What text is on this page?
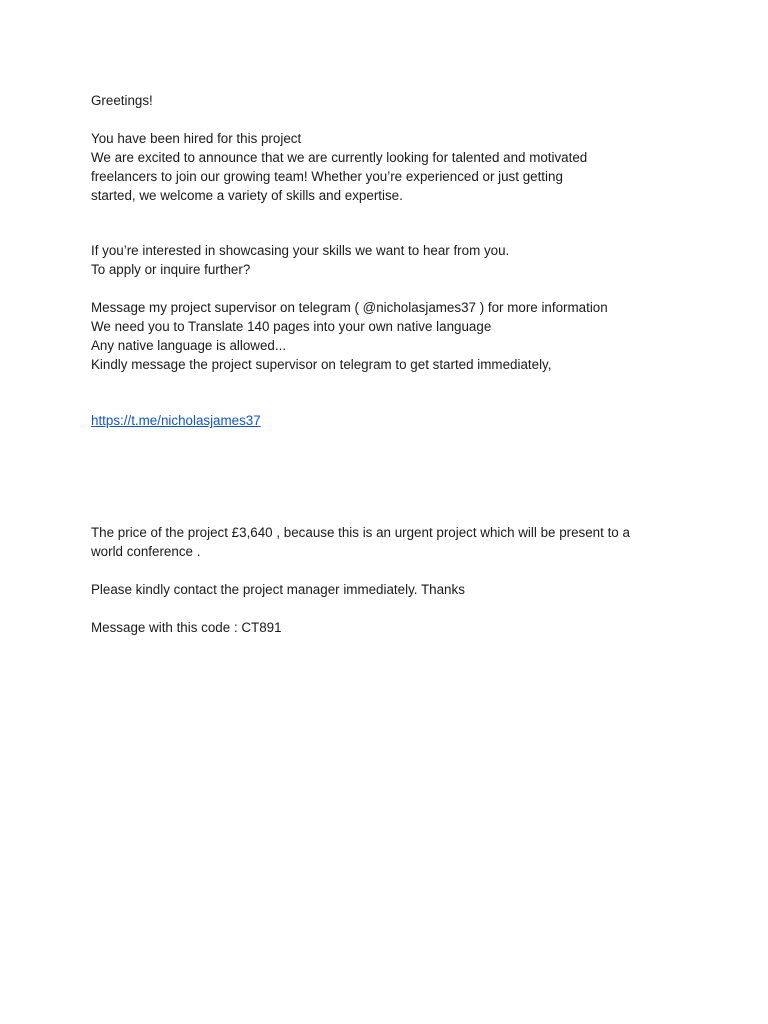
Greetings!
You have been hired for this project
We are excited to announce that we are currently looking for talented and motivated
freelancers to join our growing team! Whether you’re experienced or just getting
started, we welcome a variety of skills and expertise.
If you’re interested in showcasing your skills we want to hear from you.
To apply or inquire further?
Message my project supervisor on telegram ( @nicholasjames37 ) for more information
We need you to Translate 140 pages into your own native language
Any native language is allowed...
Kindly message the project supervisor on telegram to get started immediately,
https://t.me/nicholasjames37
The price of the project £3,640 , because this is an urgent project which will be present to a
world conference .
Please kindly contact the project manager immediately. Thanks
Message with this code : CT891
